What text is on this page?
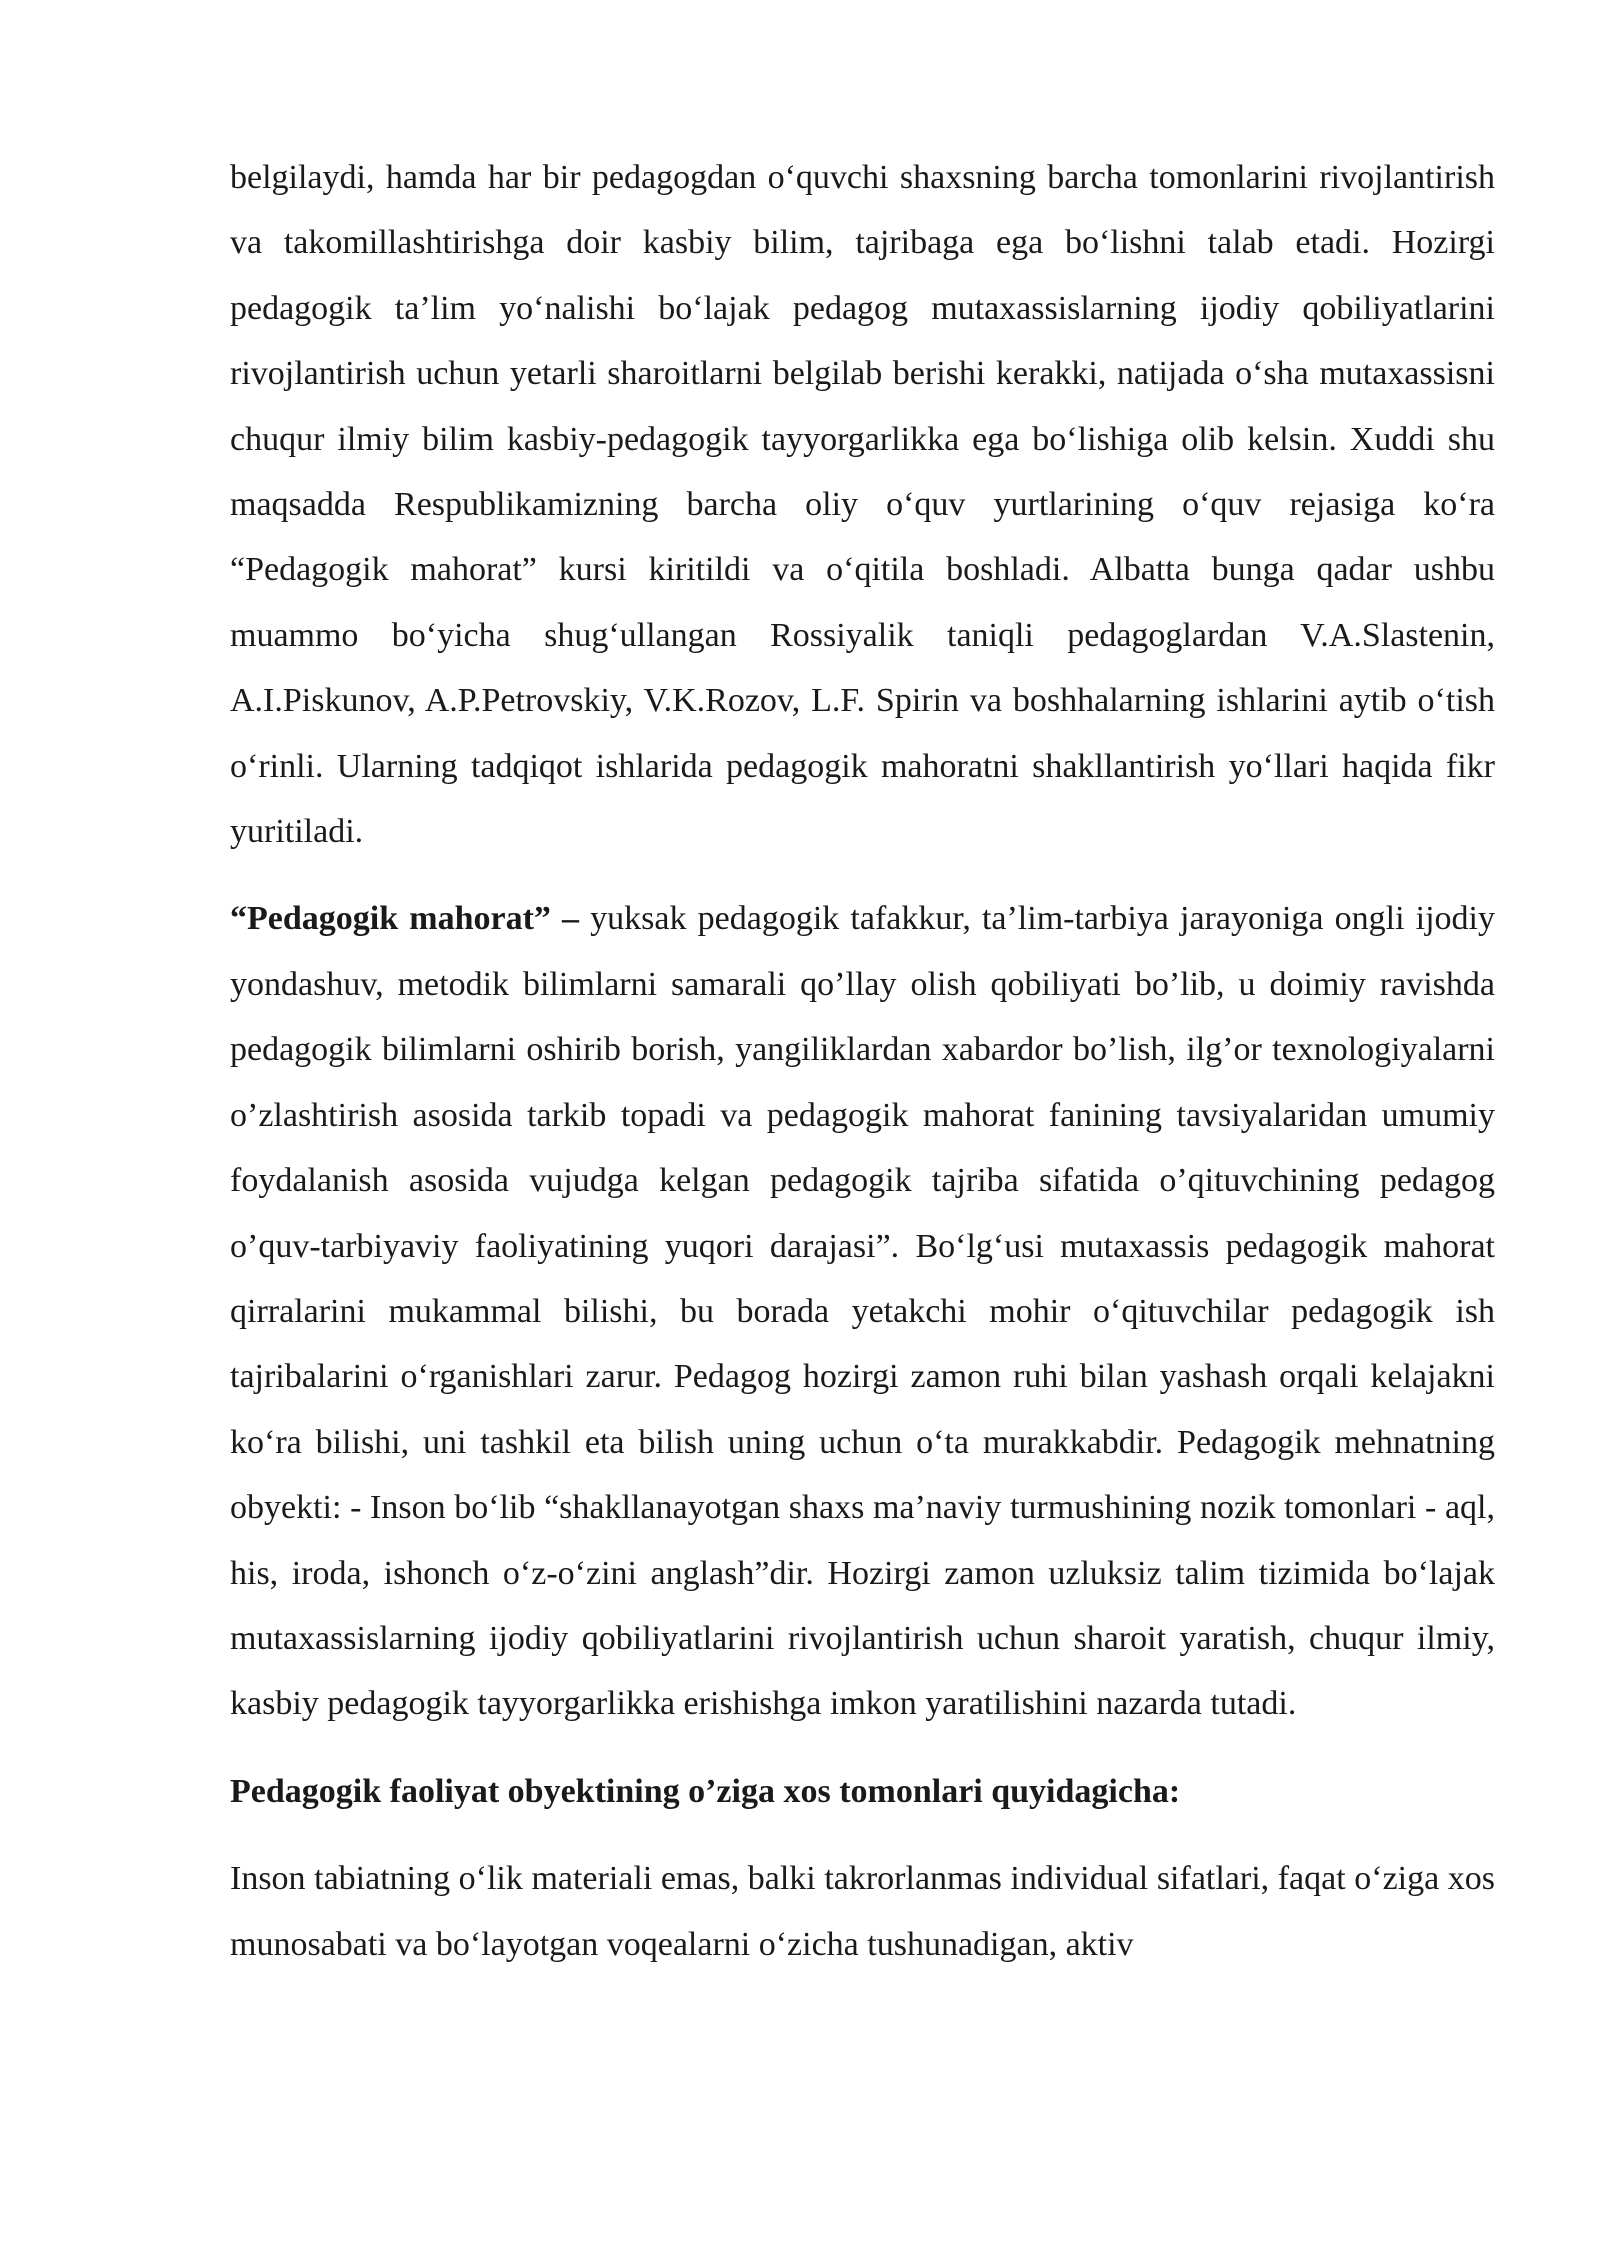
belgilaydi, hamda har bir pedagogdan o‘quvchi shaxsning barcha tomonlarini rivojlantirish va takomillashtirishga doir kasbiy bilim, tajribaga ega bo‘lishni talab etadi. Hozirgi pedagogik ta’lim yo‘nalishi bo‘lajak pedagog mutaxassislarning ijodiy qobiliyatlarini rivojlantirish uchun yetarli sharoitlarni belgilab berishi kerakki, natijada o‘sha mutaxassisni chuqur ilmiy bilim kasbiy-pedagogik tayyorgarlikka ega bo‘lishiga olib kelsin. Xuddi shu maqsadda Respublikamizning barcha oliy o‘quv yurtlarining o‘quv rejasiga ko‘ra “Pedagogik mahorat” kursi kiritildi va o‘qitila boshladi. Albatta bunga qadar ushbu muammo bo‘yicha shug‘ullangan Rossiyalik taniqli pedagoglardan V.A.Slastenin, A.I.Piskunov, A.P.Petrovskiy, V.K.Rozov, L.F. Spirin va boshhalarning ishlarini aytib o‘tish o‘rinli. Ularning tadqiqot ishlarida pedagogik mahoratni shakllantirish yo‘llari haqida fikr yuritiladi.

“Pedagogik mahorat” – yuksak pedagogik tafakkur, ta’lim-tarbiya jarayoniga ongli ijodiy yondashuv, metodik bilimlarni samarali qo’llay olish qobiliyati bo’lib, u doimiy ravishda pedagogik bilimlarni oshirib borish, yangiliklardan xabardor bo’lish, ilg’or texnologiyalarni o’zlashtirish asosida tarkib topadi va pedagogik mahorat fanining tavsiyalaridan umumiy foydalanish asosida vujudga kelgan pedagogik tajriba sifatida o’qituvchining pedagog o’quv-tarbiyaviy faoliyatining yuqori darajasi”. Bo‘lg‘usi mutaxassis pedagogik mahorat qirralarini mukammal bilishi, bu borada yetakchi mohir o‘qituvchilar pedagogik ish tajribalarini o‘rganishlari zarur. Pedagog hozirgi zamon ruhi bilan yashash orqali kelajakni ko‘ra bilishi, uni tashkil eta bilish uning uchun o‘ta murakkabdir. Pedagogik mehnatning obyekti: - Inson bo‘lib “shakllanayotgan shaxs ma’naviy turmushining nozik tomonlari - aql, his, iroda, ishonch o‘z-o‘zini anglash”dir. Hozirgi zamon uzluksiz talim tizimida bo‘lajak mutaxassislarning ijodiy qobiliyatlarini rivojlantirish uchun sharoit yaratish, chuqur ilmiy, kasbiy pedagogik tayyorgarlikka erishishga imkon yaratilishini nazarda tutadi.

Pedagogik faoliyat obyektining o’ziga xos tomonlari quyidagicha:

Inson tabiatning o‘lik materiali emas, balki takrorlanmas individual sifatlari, faqat o‘ziga xos munosabati va bo‘layotgan voqealarni o‘zicha tushunadigan, aktiv
